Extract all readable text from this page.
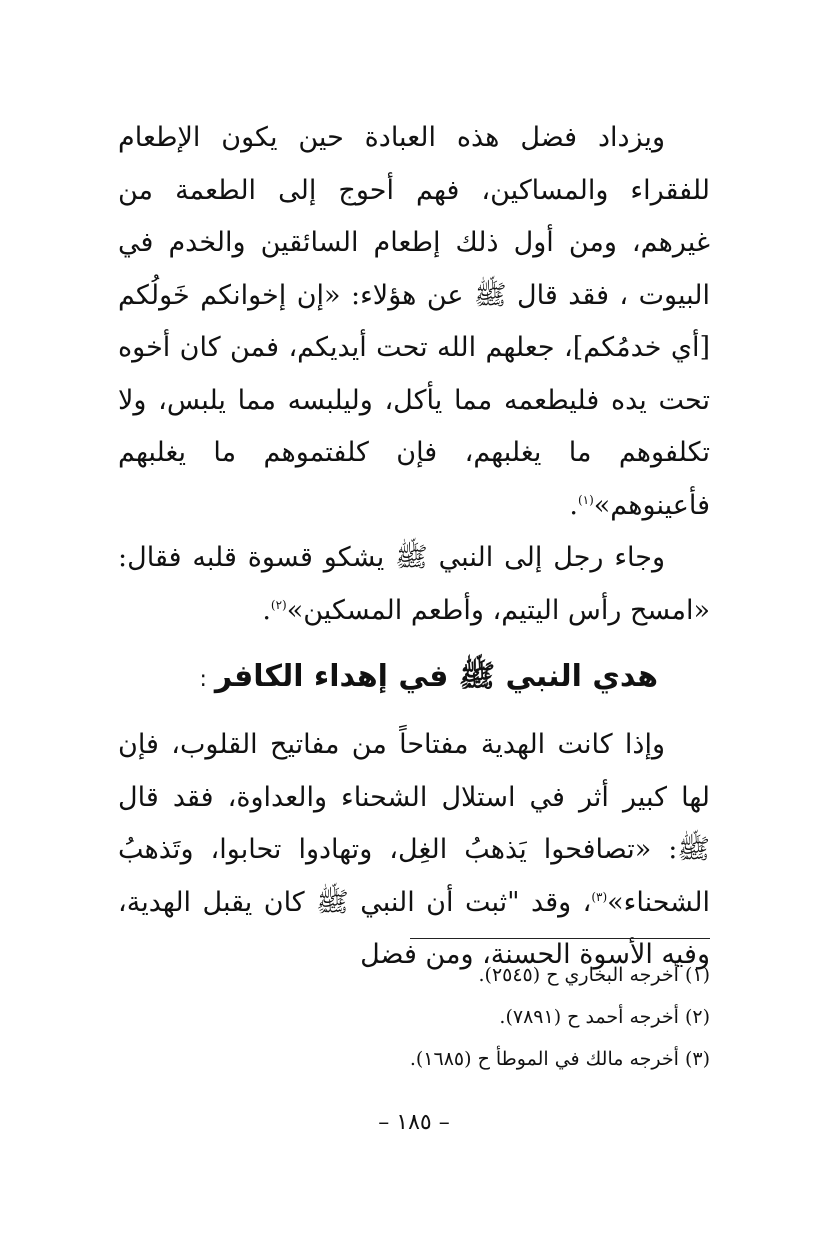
ويزداد فضل هذه العبادة حين يكون الإطعام للفقراء والمساكين، فهم أحوج إلى الطعمة من غيرهم، ومن أول ذلك إطعام السائقين والخدم في البيوت ، فقد قال ﷺ عن هؤلاء: «إن إخوانكم خَولُكم [أي خدمُكم]، جعلهم الله تحت أيديكم، فمن كان أخوه تحت يده فليطعمه مما يأكل، وليلبسه مما يلبس، ولا تكلفوهم ما يغلبهم، فإن كلفتموهم ما يغلبهم فأعينوهم»$^{(١)}$.

وجاء رجل إلى النبي ﷺ يشكو قسوة قلبه فقال: «امسح رأس اليتيم، وأطعم المسكين»$^{(٢)}$.

هدي النبي ﷺ في إهداء الكافر:

وإذا كانت الهدية مفتاحاً من مفاتيح القلوب، فإن لها كبير أثر في استلال الشحناء والعداوة، فقد قال ﷺ: «تصافحوا يَذهبُ الغِل، وتهادوا تحابوا، وتَذهبُ الشحناء»$^{(٣)}$، وقد "ثبت أن النبي ﷺ كان يقبل الهدية، وفيه الأسوة الحسنة، ومن فضل

(١) أخرجه البخاري ح (٢٥٤٥).

(٢) أخرجه أحمد ح (٧٨٩١).

(٣) أخرجه مالك في الموطأ ح (١٦٨٥).

– ١٨٥ –
